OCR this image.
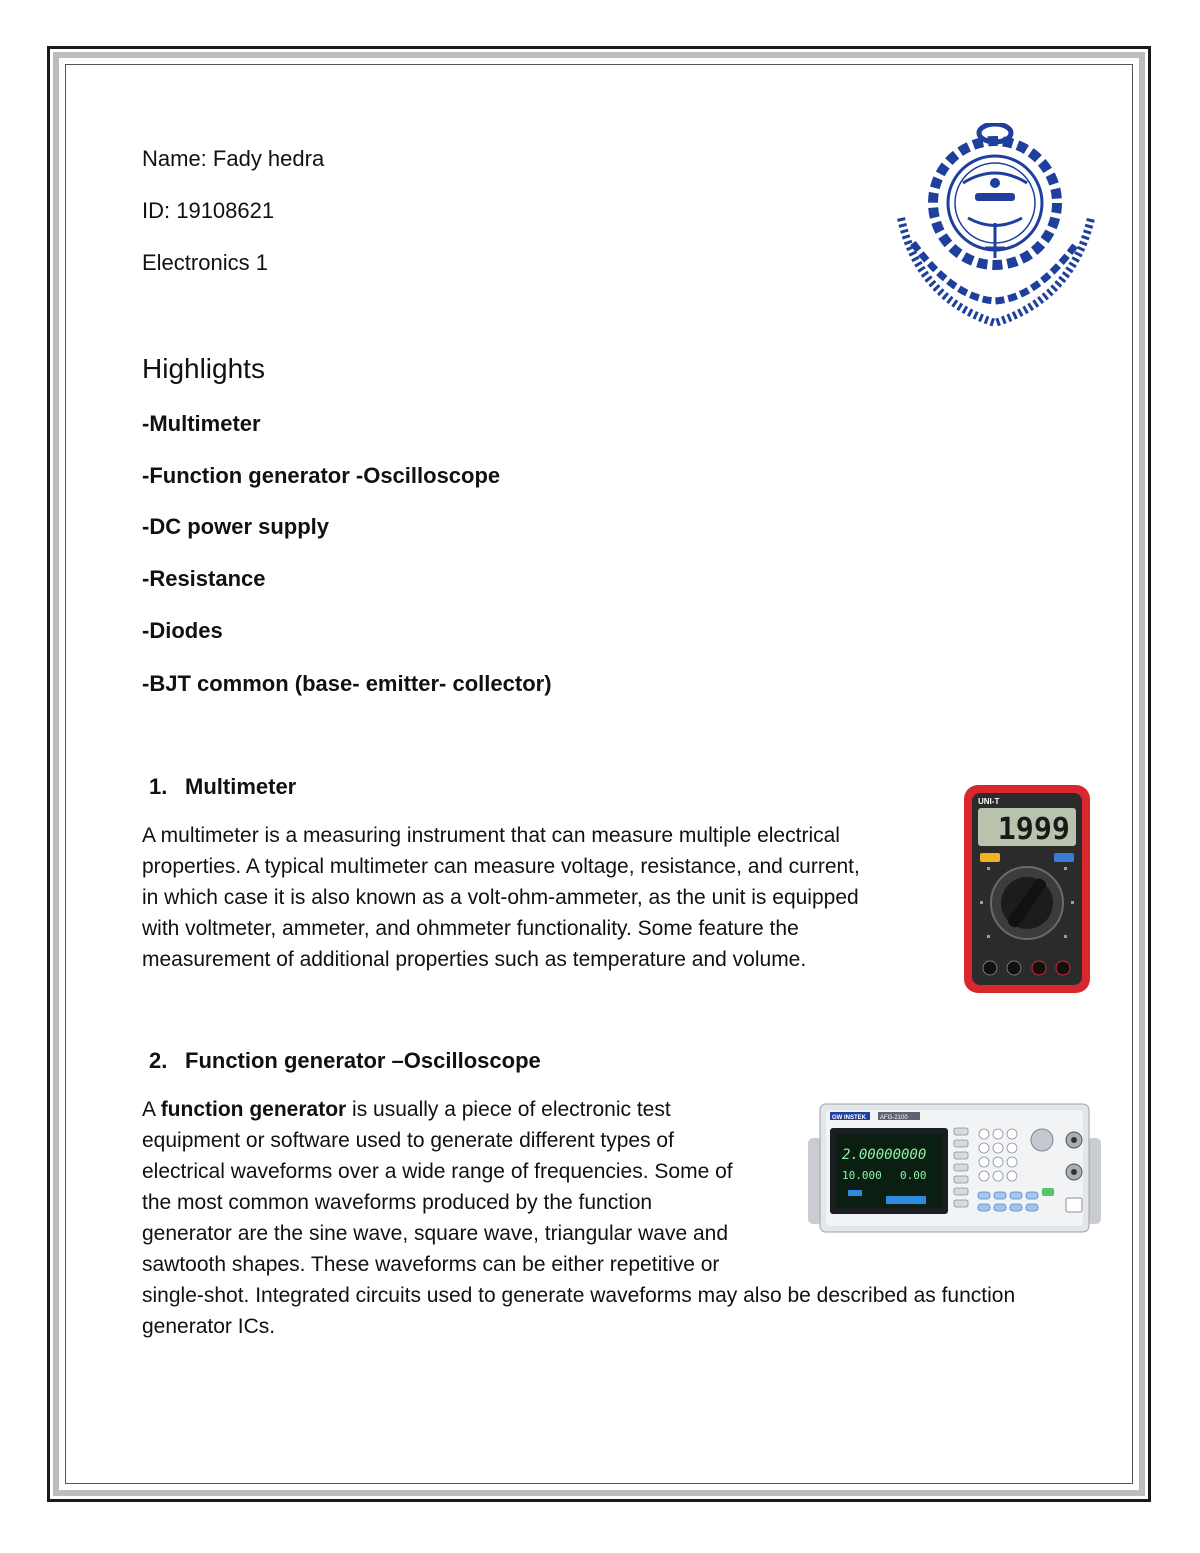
Name: Fady hedra
ID: 19108621
Electronics 1
Highlights
-Multimeter
-Function generator -Oscilloscope
-DC power supply
-Resistance
-Diodes
-BJT common (base- emitter- collector)
1. Multimeter
A multimeter is a measuring instrument that can measure multiple electrical
properties. A typical multimeter can measure voltage, resistance, and current,
in which case it is also known as a volt-ohm-ammeter, as the unit is equipped
with voltmeter, ammeter, and ohmmeter functionality. Some feature the
measurement of additional properties such as temperature and volume.
UNI-T
1999
2. Function generator –Oscilloscope
A function generator is usually a piece of electronic test
equipment or software used to generate different types of
electrical waveforms over a wide range of frequencies. Some of
the most common waveforms produced by the function
generator are the sine wave, square wave, triangular wave and
sawtooth shapes. These waveforms can be either repetitive or
single-shot. Integrated circuits used to generate waveforms may also be described as function
generator ICs.
GW INSTEK AFG-2100
2.00000000
10.000 0.00
